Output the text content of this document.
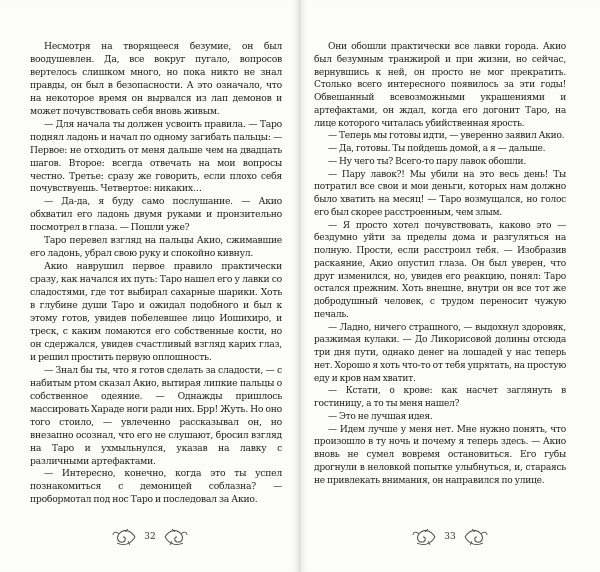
Несмотря на творящееся безумие, он был воодушевлен. Да, все вокруг пугало, вопросов вертелось слишком много, но пока никто не знал правды, он был в безопасности. А это означало, что на некоторое время он вырвался из лап демонов и может почувствовать себя вновь живым.

— Для начала ты должен усвоить правила. — Таро поднял ладонь и начал по одному загибать пальцы: — Первое: не отходить от меня дальше чем на двадцать шагов. Второе: всегда отвечать на мои вопросы честно. Третье: сразу же говорить, если плохо себя почувствуешь. Четвертое: никаких…

— Да-да, я буду само послушание. — Акио обхватил его ладонь двумя руками и пронзительно посмотрел в глаза. — Пошли уже?

Таро перевел взгляд на пальцы Акио, сжимавшие его ладонь, убрал свою руку и спокойно кивнул.

Акио наврушил первое правило практически сразу, как начался их путь: Таро нашел его у лавки со сладостями, где тот выбирал сахарные шарики. Хоть в глубине души Таро и ожидал подобного и был к этому готов, увидев побелевшее лицо Иошихиро, и треск, с каким ломаются его собственные кости, но он сдержался, увидев счастливый взгляд карих глаз, и решил простить первую оплошность.

— Знал бы ты, что я готов сделать за сладости, — с набитым ртом сказал Акио, вытирая липкие пальцы о собственное одеяние. — Однажды пришлось массировать Хараде ноги ради них. Брр! Жуть. Но оно того стоило, — увлеченно рассказывал он, но внезапно осознал, что его не слушают, бросил взгляд на Таро и ухмыльнулся, указав на лавку с различными артефактами.

— Интересно, конечно, когда это ты успел познакомиться с демоницей соблазна? — пробормотал под нос Таро и последовал за Акио.

32

Они обошли практически все лавки города. Акио был безумным транжирой и при жизни, но сейчас, вернувшись к ней, он просто не мог прекратить. Столько всего интересного появилось за эти годы! Обвешанный всевозможными украшениями и артефактами, он ждал, когда его догонит Таро, на лице которого читалась убийственная ярость.

— Теперь мы готовы идти, — уверенно заявил Акио.

— Да, готовы. Ты пойдешь домой, а я — дальше.

— Ну чего ты? Всего-то пару лавок обошли.

— Пару лавок?! Мы убили на это весь день! Ты потратил все свои и мои деньги, которых нам должно было хватить на месяц! — Таро возмущался, но голос его был скорее расстроенным, чем злым.

— Я просто хотел почувствовать, каково это — бездумно уйти за пределы дома и разгуляться на полную. Прости, если расстроил тебя. — Изобразив раскаяние, Акио опустил глаза. Он был уверен, что друг изменился, но, увидев его реакцию, понял: Таро остался прежним. Хоть внешне, внутри он все тот же добродушный человек, с трудом переносит чужую печаль.

— Ладно, ничего страшного, — выдохнул здоровяк, разжимая кулаки. — До Ликорисовой долины отсюда три дня пути, однако денег на лошадей у нас теперь нет. Хорошо я хоть что-то от тебя упрятать, на простую еду и кров нам хватит.

— Кстати, о крове: как насчет заглянуть в гостиницу, а то ты меня нашел?

— Это не лучшая идея.

— Идем лучше у меня нет. Мне нужно понять, что произошло в ту ночь и почему я теперь здесь. — Акио вновь не сумел вовремя остановиться. Его губы дрогнули в неловкой попытке улыбнуться, и, стараясь не привлекать внимания, он направился по улице.

33
